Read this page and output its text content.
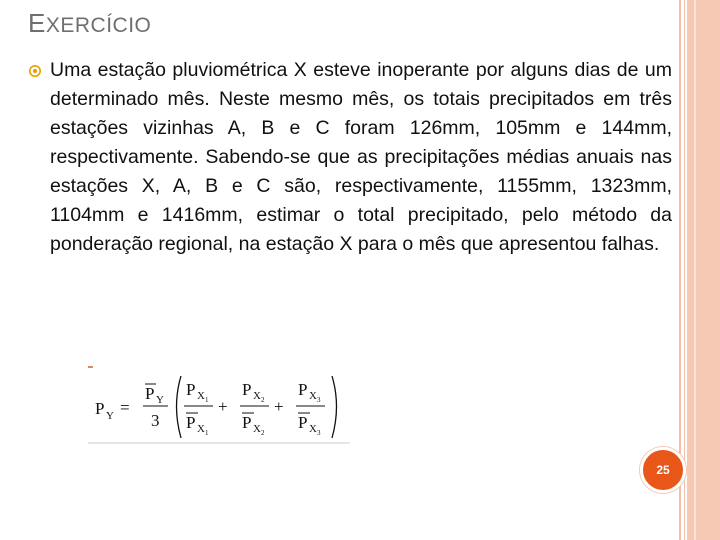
EXERCÍCIO

Uma estação pluviométrica X esteve inoperante por alguns dias de um determinado mês. Neste mesmo mês, os totais precipitados em três estações vizinhas A, B e C foram 126mm, 105mm e 144mm, respectivamente. Sabendo-se que as precipitações médias anuais nas estações X, A, B e C são, respectivamente, 1155mm, 1323mm, 1104mm e 1416mm, estimar o total precipitado, pelo método da ponderação regional, na estação X para o mês que apresentou falhas.

P Y =
P Y
3
P X 1
P X 1
+
P X 2
P X 2
+
P X 3
P X 3
25
